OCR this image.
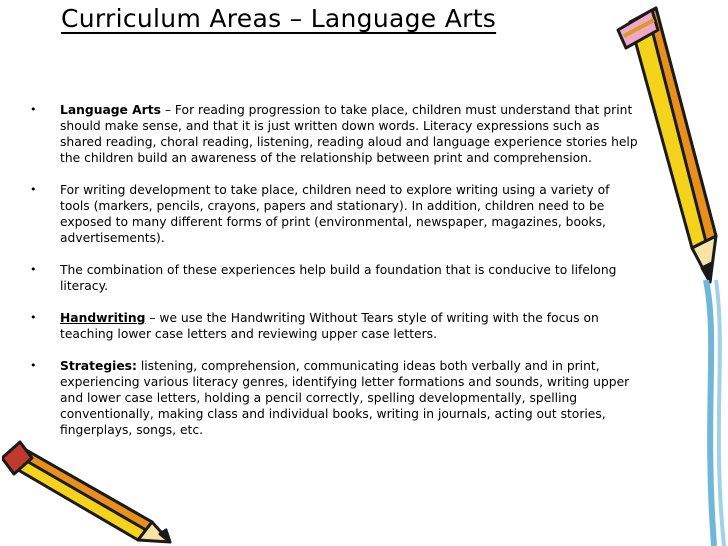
Curriculum Areas – Language Arts
• Language Arts – For reading progression to take place, children must understand that print should make sense, and that it is just written down words. Literacy expressions such as shared reading, choral reading, listening, reading aloud and language experience stories help the children build an awareness of the relationship between print and comprehension.
• For writing development to take place, children need to explore writing using a variety of tools (markers, pencils, crayons, papers and stationary). In addition, children need to be exposed to many different forms of print (environmental, newspaper, magazines, books, advertisements).
• The combination of these experiences help build a foundation that is conducive to lifelong literacy.
• Handwriting – we use the Handwriting Without Tears style of writing with the focus on teaching lower case letters and reviewing upper case letters.
• Strategies: listening, comprehension, communicating ideas both verbally and in print, experiencing various literacy genres, identifying letter formations and sounds, writing upper and lower case letters, holding a pencil correctly, spelling developmentally, spelling conventionally, making class and individual books, writing in journals, acting out stories, fingerplays, songs, etc.
